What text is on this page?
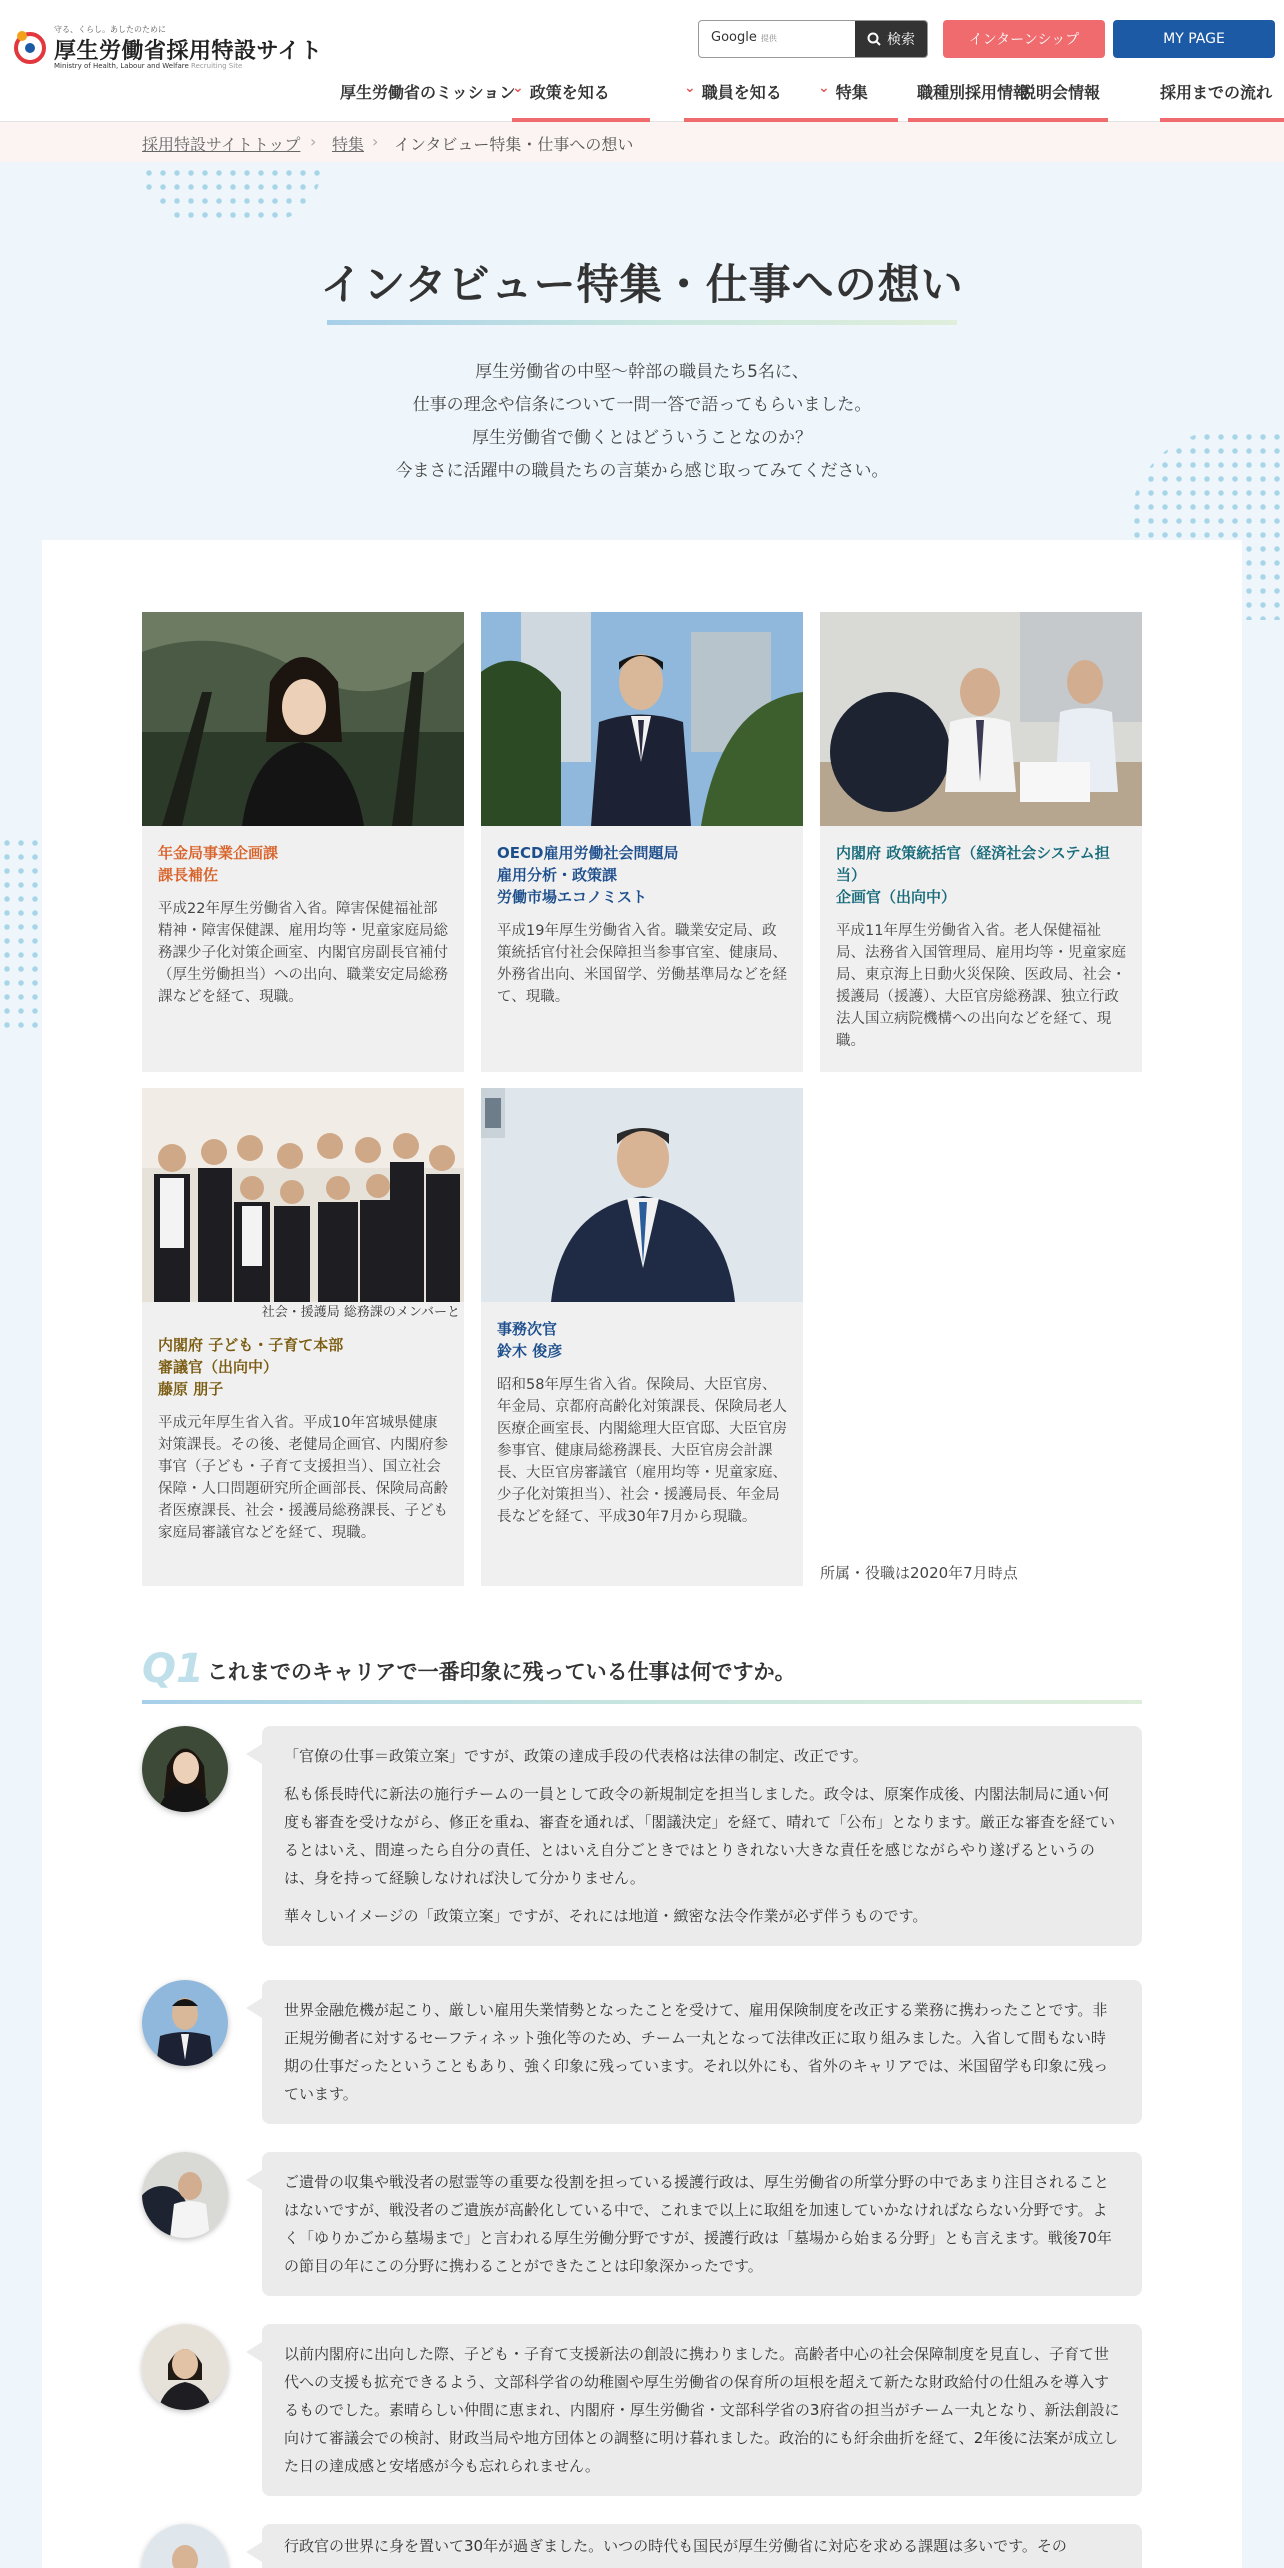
守る、くらし。あしたのために
厚生労働省採用特設サイト
Ministry of Health, Labour and Welfare Recruiting Site
Google 提供	検索	インターンシップ	MY PAGE
厚生労働省のミッション
⌄ 政策を知る	⌄ 職員を知る	⌄ 特集	職種別採用情報
説明会情報	採用までの流れ
採用特設サイトトップ › 特集 › インタビュー特集・仕事への想い
インタビュー特集・仕事への想い
厚生労働省の中堅～幹部の職員たち5名に、
仕事の理念や信条について一問一答で語ってもらいました。
厚生労働省で働くとはどういうことなのか？
今まさに活躍中の職員たちの言葉から感じ取ってみてください。
年金局事業企画課
課長補佐
平成22年厚生労働省入省。障害保健福祉部精神・障害保健課、雇用均等・児童家庭局総務課少子化対策企画室、内閣官房副長官補付（厚生労働担当）への出向、職業安定局総務課などを経て、現職。
OECD雇用労働社会問題局
雇用分析・政策課
労働市場エコノミスト
平成19年厚生労働省入省。職業安定局、政策統括官付社会保障担当参事官室、健康局、外務省出向、米国留学、労働基準局などを経て、現職。
内閣府 政策統括官（経済社会システム担当）
企画官（出向中）
平成11年厚生労働省入省。老人保健福祉局、法務省入国管理局、雇用均等・児童家庭局、東京海上日動火災保険、医政局、社会・援護局（援護）、大臣官房総務課、独立行政法人国立病院機構への出向などを経て、現職。
社会・援護局 総務課のメンバーと
内閣府 子ども・子育て本部
審議官（出向中）
藤原 朋子
平成元年厚生省入省。平成10年宮城県健康対策課長。その後、老健局企画官、内閣府参事官（子ども・子育て支援担当）、国立社会保障・人口問題研究所企画部長、保険局高齢者医療課長、社会・援護局総務課長、子ども家庭局審議官などを経て、現職。
事務次官
鈴木 俊彦
昭和58年厚生省入省。保険局、大臣官房、年金局、京都府高齢化対策課長、保険局老人医療企画室長、内閣総理大臣官邸、大臣官房参事官、健康局総務課長、大臣官房会計課長、大臣官房審議官（雇用均等・児童家庭、少子化対策担当）、社会・援護局長、年金局長などを経て、平成30年7月から現職。
所属・役職は2020年7月時点
Q1 これまでのキャリアで一番印象に残っている仕事は何ですか。

「官僚の仕事＝政策立案」ですが、政策の達成手段の代表格は法律の制定、改正です。

私も係長時代に新法の施行チームの一員として政令の新規制定を担当しました。政令は、原案作成後、内閣法制局に通い何度も審査を受けながら、修正を重ね、審査を通れば、「閣議決定」を経て、晴れて「公布」となります。厳正な審査を経ているとはいえ、間違ったら自分の責任、とはいえ自分ごときではとりきれない大きな責任を感じながらやり遂げるというのは、身を持って経験しなければ決して分かりません。

華々しいイメージの「政策立案」ですが、それには地道・緻密な法令作業が必ず伴うものです。

世界金融危機が起こり、厳しい雇用失業情勢となったことを受けて、雇用保険制度を改正する業務に携わったことです。非正規労働者に対するセーフティネット強化等のため、チーム一丸となって法律改正に取り組みました。入省して間もない時期の仕事だったということもあり、強く印象に残っています。それ以外にも、省外のキャリアでは、米国留学も印象に残っています。

ご遺骨の収集や戦没者の慰霊等の重要な役割を担っている援護行政は、厚生労働省の所掌分野の中であまり注目されることはないですが、戦没者のご遺族が高齢化している中で、これまで以上に取組を加速していかなければならない分野です。よく「ゆりかごから墓場まで」と言われる厚生労働分野ですが、援護行政は「墓場から始まる分野」とも言えます。戦後70年の節目の年にこの分野に携わることができたことは印象深かったです。

以前内閣府に出向した際、子ども・子育て支援新法の創設に携わりました。高齢者中心の社会保障制度を見直し、子育て世代への支援も拡充できるよう、文部科学省の幼稚園や厚生労働省の保育所の垣根を超えて新たな財政給付の仕組みを導入するものでした。素晴らしい仲間に恵まれ、内閣府・厚生労働省・文部科学省の3府省の担当がチーム一丸となり、新法創設に向けて審議会での検討、財政当局や地方団体との調整に明け暮れました。政治的にも紆余曲折を経て、2年後に法案が成立した日の達成感と安堵感が今も忘れられません。

行政官の世界に身を置いて30年が過ぎました。いつの時代も国民が厚生労働省に対応を求める課題は多いです。その
